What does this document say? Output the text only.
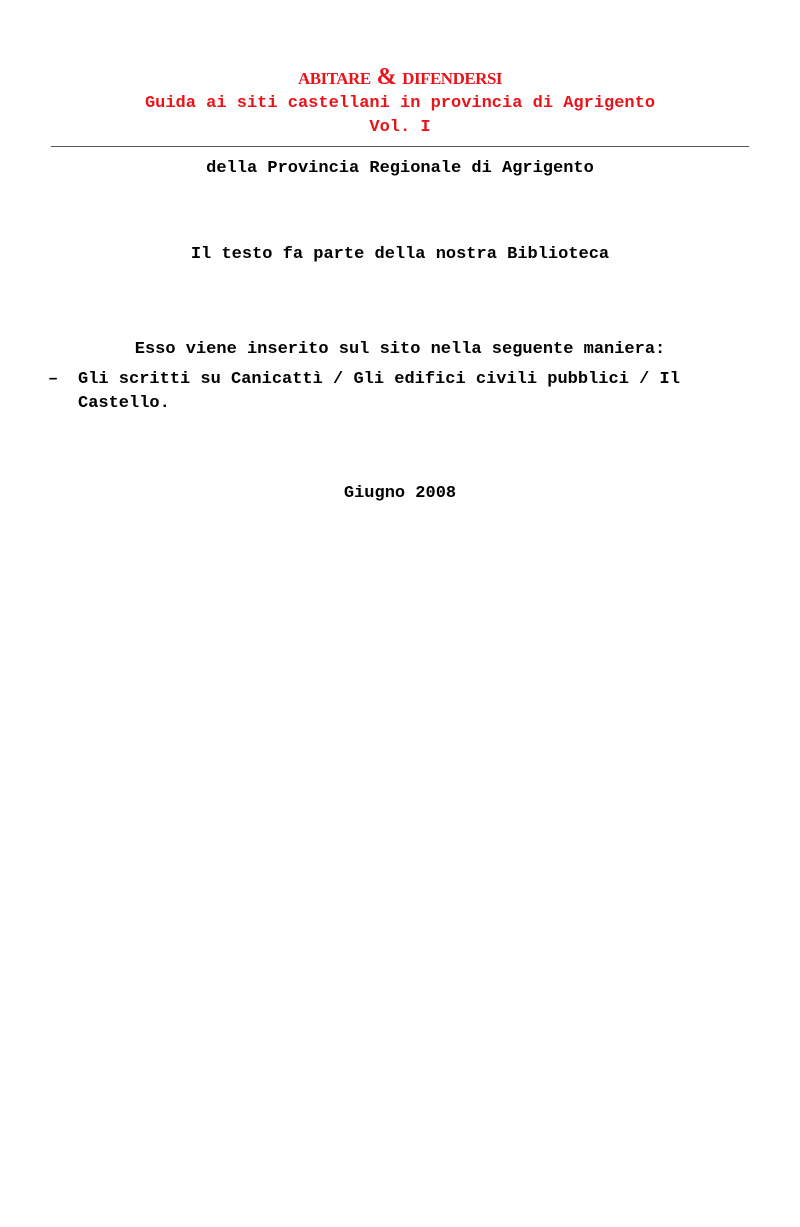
ABITARE & DIFENDERSI
Guida ai siti castellani in provincia di Agrigento
Vol. I
della Provincia Regionale di Agrigento
Il testo fa parte della nostra Biblioteca
Esso viene inserito sul sito nella seguente maniera:
–	Gli scritti su Canicattì / Gli edifici civili pubblici / Il Castello.
Giugno 2008
